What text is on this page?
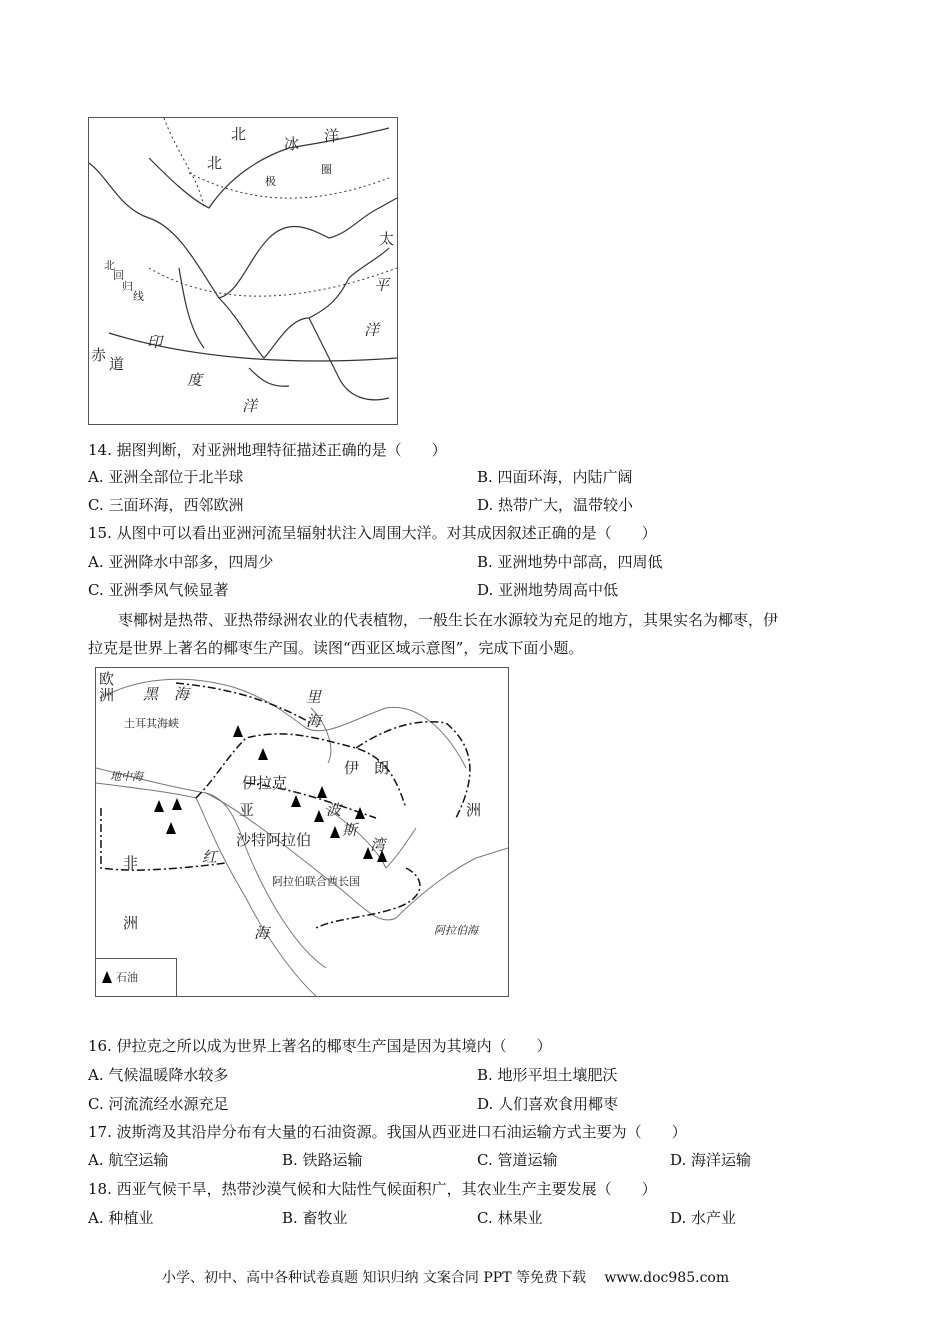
北
冰 洋
北
极
圈
太
平
洋
北
回
归
线
印
度
洋
赤 道
14. 据图判断，对亚洲地理特征描述正确的是（　　）
A. 亚洲全部位于北半球	B. 四面环海，内陆广阔
C. 三面环海，西邻欧洲	D. 热带广大，温带较小
15. 从图中可以看出亚洲河流呈辐射状注入周围大洋。对其成因叙述正确的是（　　）
A. 亚洲降水中部多，四周少	B. 亚洲地势中部高，四周低
C. 亚洲季风气候显著	D. 亚洲地势周高中低
枣椰树是热带、亚热带绿洲农业的代表植物，一般生长在水源较为充足的地方，其果实名为椰枣，伊
拉克是世界上著名的椰枣生产国。读图“西亚区域示意图”，完成下面小题。
欧
洲 黑 海	里
海
土耳其海峡
地中海	伊　朗
伊拉克
洲
亚	波
斯
湾
沙特阿拉伯
非	红
阿拉伯联合酋长国
洲
海	阿拉伯海
石油
16. 伊拉克之所以成为世界上著名的椰枣生产国是因为其境内（　　）
A. 气候温暖降水较多	B. 地形平坦土壤肥沃
C. 河流流经水源充足	D. 人们喜欢食用椰枣
17. 波斯湾及其沿岸分布有大量的石油资源。我国从西亚进口石油运输方式主要为（　　）
A. 航空运输	B. 铁路运输	C. 管道运输	D. 海洋运输
18. 西亚气候干旱，热带沙漠气候和大陆性气候面积广，其农业生产主要发展（　　）
A. 种植业	B. 畜牧业	C. 林果业	D. 水产业
小学、初中、高中各种试卷真题 知识归纳 文案合同 PPT 等免费下载　 www.doc985.com
